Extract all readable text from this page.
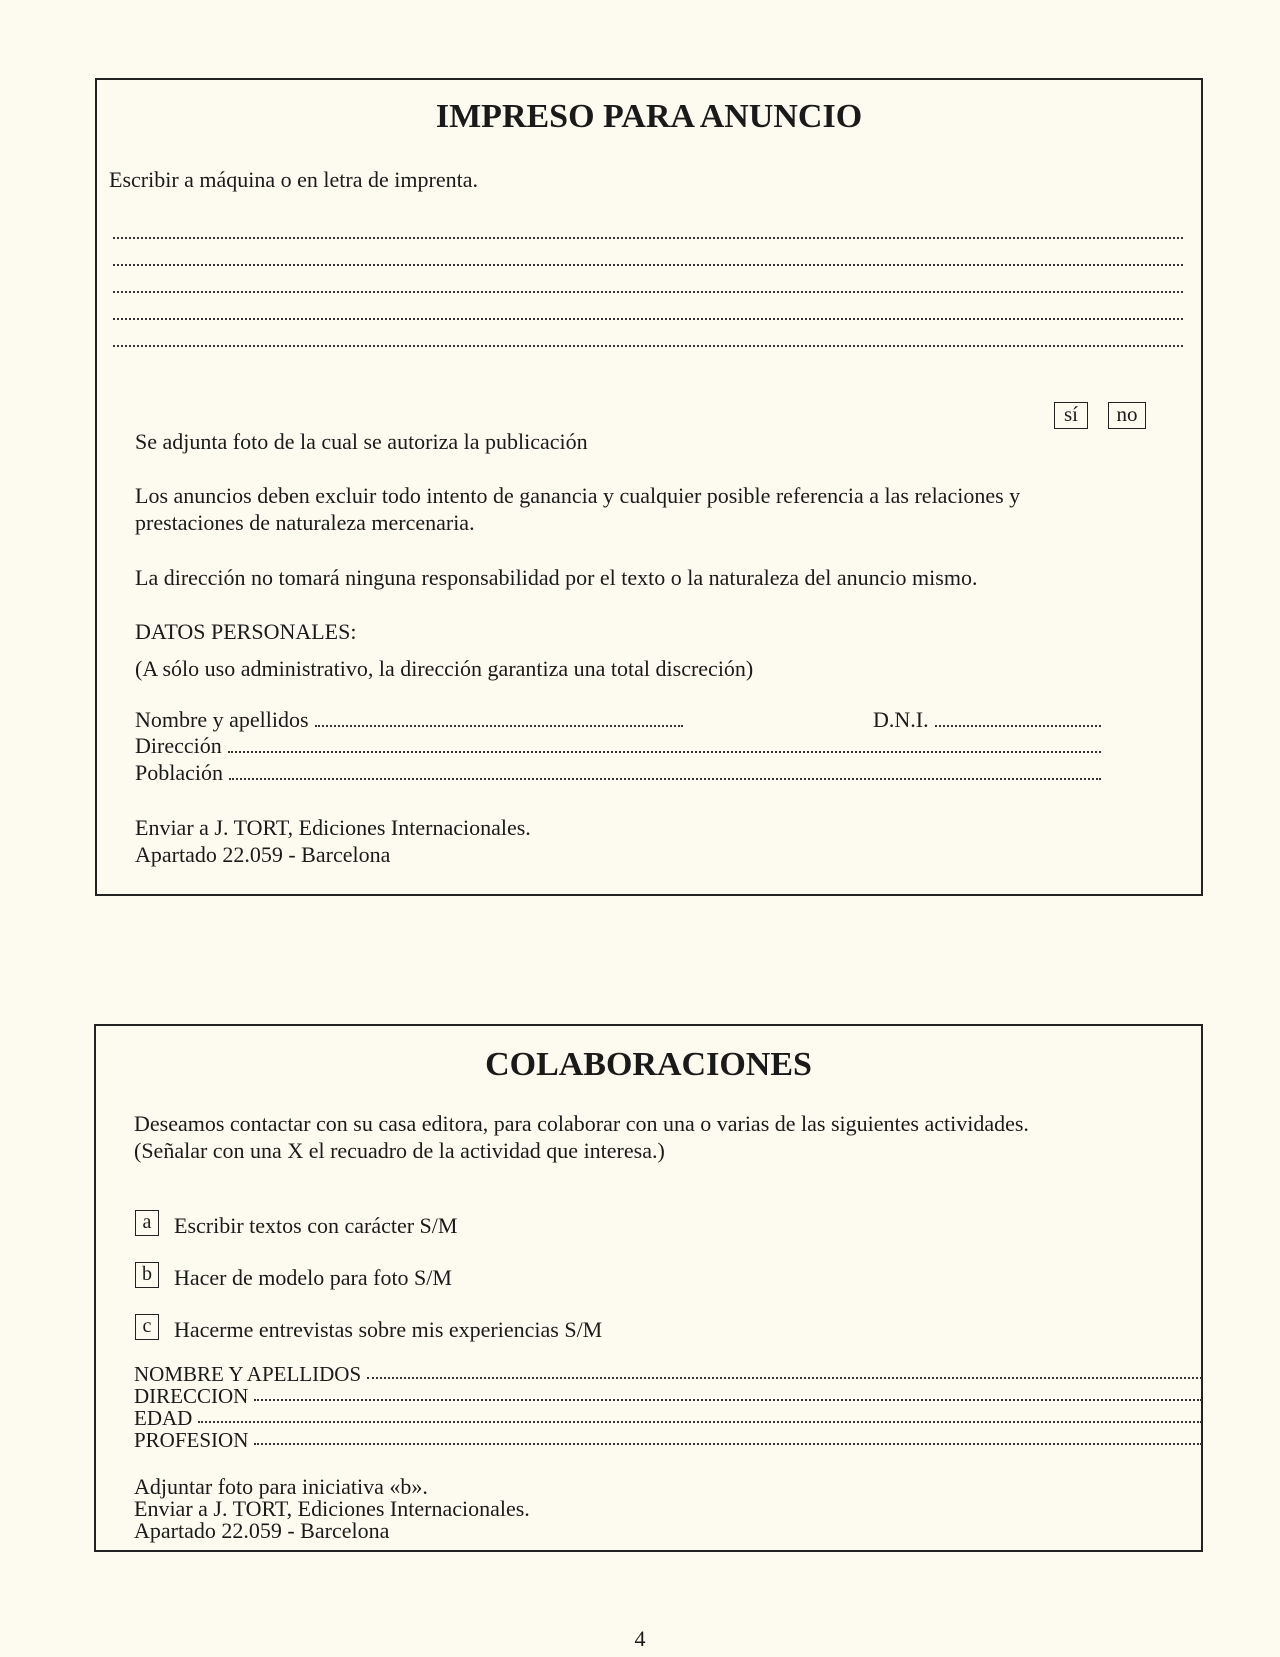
IMPRESO PARA ANUNCIO
Escribir a máquina o en letra de imprenta.
sí	no
Se adjunta foto de la cual se autoriza la publicación
Los anuncios deben excluir todo intento de ganancia y cualquier posible referencia a las relaciones y
prestaciones de naturaleza mercenaria.
La dirección no tomará ninguna responsabilidad por el texto o la naturaleza del anuncio mismo.
DATOS PERSONALES:
(A sólo uso administrativo, la dirección garantiza una total discreción)
Nombre y apellidos	D.N.I.
Dirección
Población
Enviar a J. TORT, Ediciones Internacionales.
Apartado 22.059 - Barcelona
COLABORACIONES
Deseamos contactar con su casa editora, para colaborar con una o varias de las siguientes actividades.
(Señalar con una X el recuadro de la actividad que interesa.)
a	Escribir textos con carácter S/M
b	Hacer de modelo para foto S/M
c	Hacerme entrevistas sobre mis experiencias S/M
NOMBRE Y APELLIDOS
DIRECCION
EDAD
PROFESION
Adjuntar foto para iniciativa «b».
Enviar a J. TORT, Ediciones Internacionales.
Apartado 22.059 - Barcelona
4
